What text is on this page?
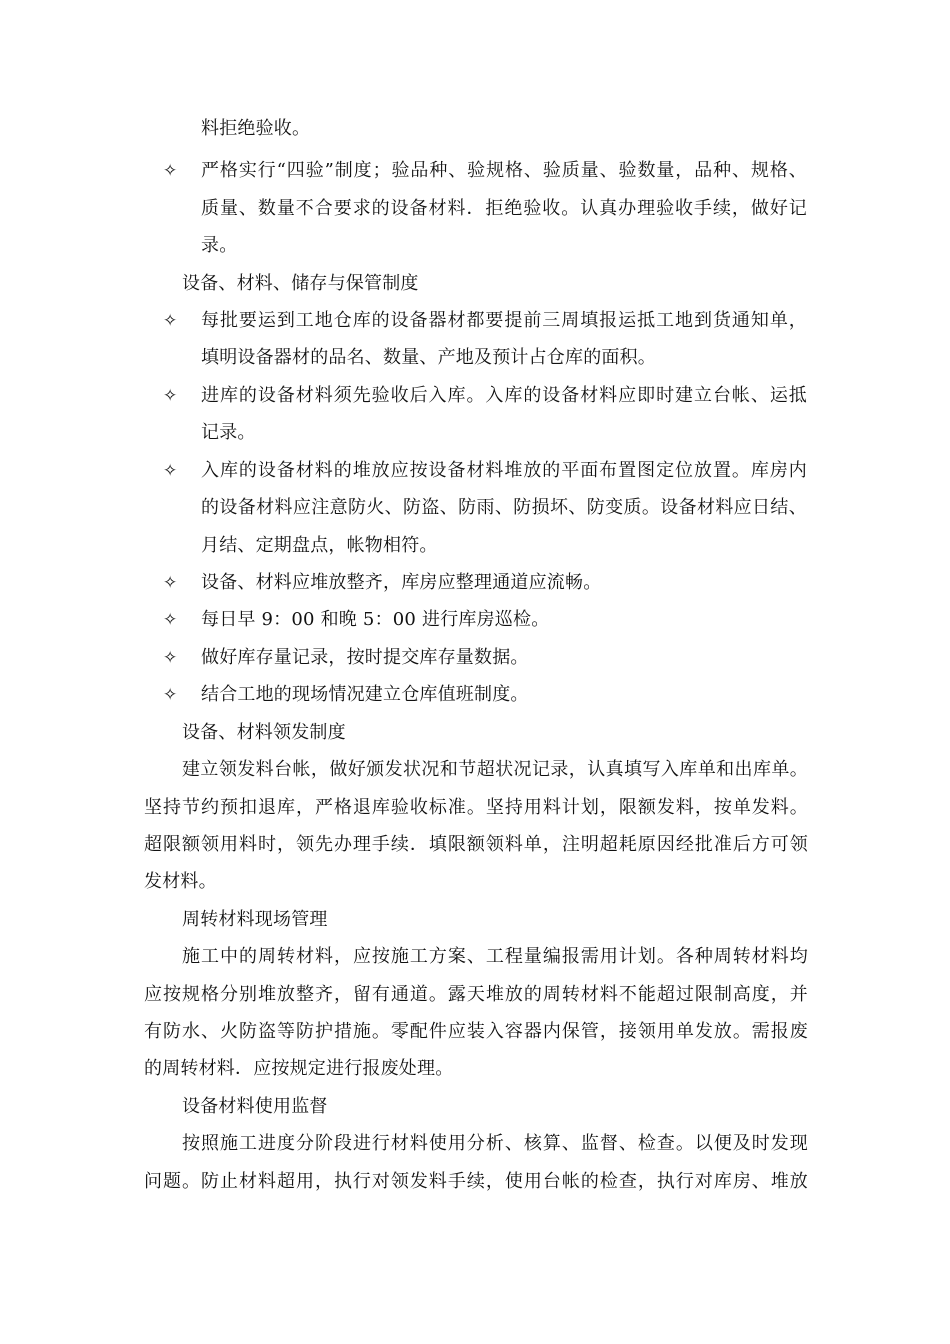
料拒绝验收。
✧ 严格实行“四验”制度；验品种、验规格、验质量、验数量，品种、规格、
质量、数量不合要求的设备材料．拒绝验收。认真办理验收手续，做好记
录。
设备、材料、储存与保管制度
✧ 每批要运到工地仓库的设备器材都要提前三周填报运抵工地到货通知单，
填明设备器材的品名、数量、产地及预计占仓库的面积。
✧ 进库的设备材料须先验收后入库。入库的设备材料应即时建立台帐、运抵
记录。
✧ 入库的设备材料的堆放应按设备材料堆放的平面布置图定位放置。库房内
的设备材料应注意防火、防盗、防雨、防损坏、防变质。设备材料应日结、
月结、定期盘点，帐物相符。
✧ 设备、材料应堆放整齐，库房应整理通道应流畅。
✧ 每日早 9：00 和晚 5：00 进行库房巡检。
✧ 做好库存量记录，按时提交库存量数据。
✧ 结合工地的现场情况建立仓库值班制度。
设备、材料领发制度
建立领发料台帐，做好颁发状况和节超状况记录，认真填写入库单和出库单。
坚持节约预扣退库，严格退库验收标准。坚持用料计划，限额发料，按单发料。
超限额领用料时，领先办理手续．填限额领料单，注明超耗原因经批准后方可领
发材料。
周转材料现场管理
施工中的周转材料，应按施工方案、工程量编报需用计划。各种周转材料均
应按规格分别堆放整齐，留有通道。露天堆放的周转材料不能超过限制高度，并
有防水、火防盗等防护措施。零配件应装入容器内保管，接领用单发放。需报废
的周转材料．应按规定进行报废处理。
设备材料使用监督
按照施工进度分阶段进行材料使用分析、核算、监督、检查。以便及时发现
问题。防止材料超用，执行对领发料手续，使用台帐的检查，执行对库房、堆放
